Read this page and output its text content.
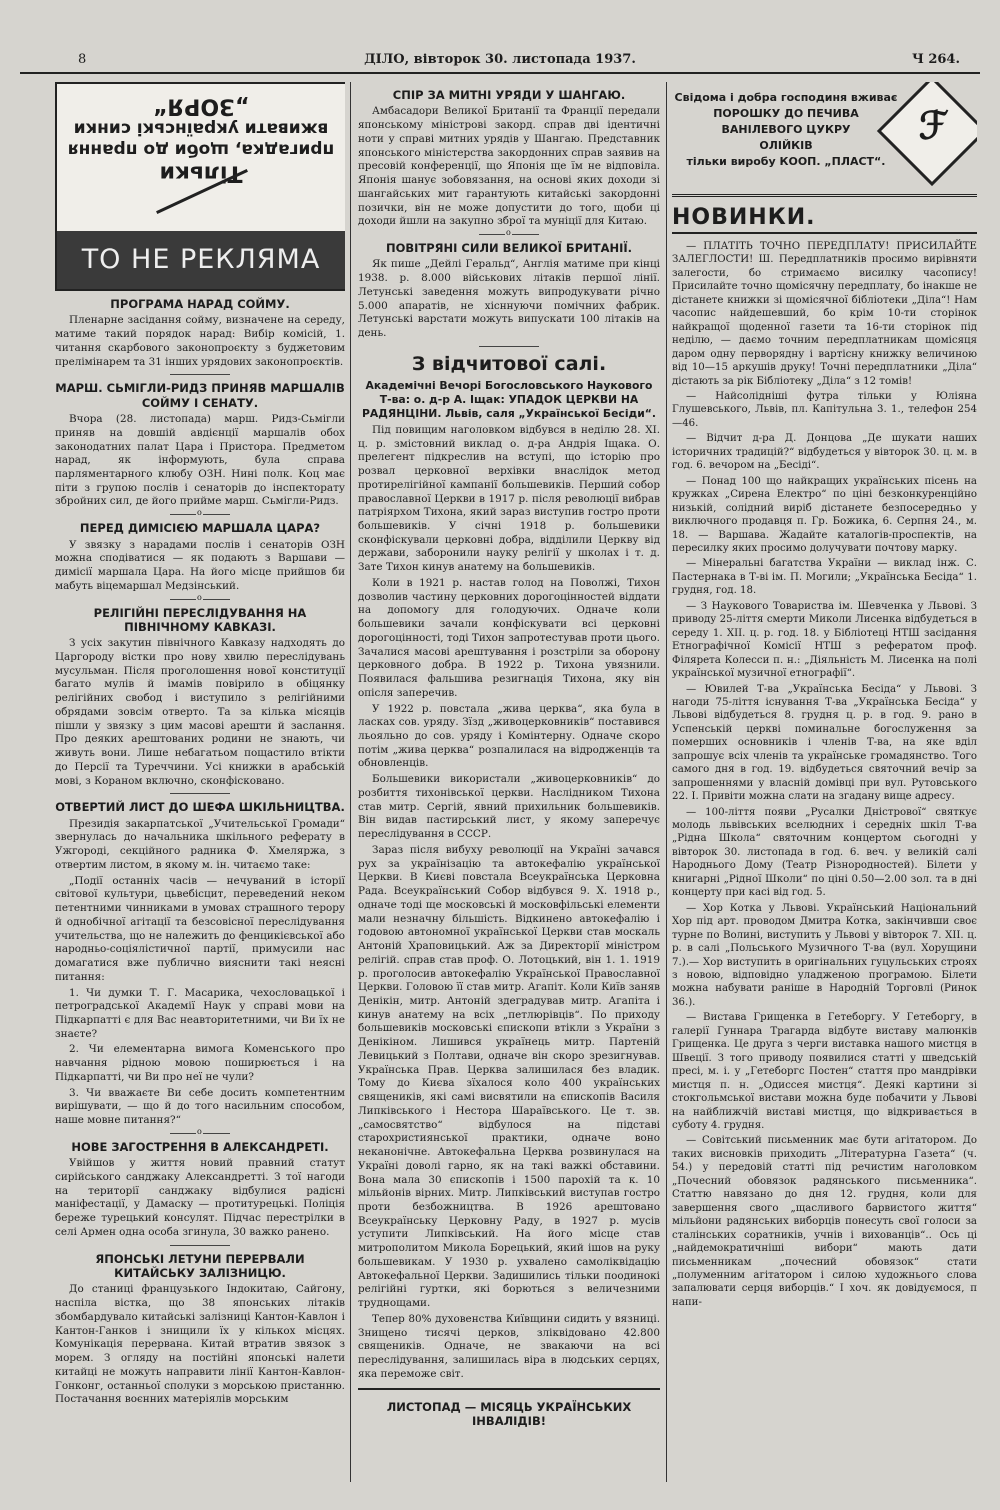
8	ДІЛО, вівторок 30. листопада 1937.	Ч 264.
Тільки
пригадка, щоби до прання
вживати українські синки
„ЗОРЯ“
ТО НЕ РЕКЛЯМА
ПРОГРАМА НАРАД СОЙМУ.

Пленарне засідання сойму, визначене на середу, матиме такий порядок нарад: Вибір комісій, 1. читання скарбового законопроєкту з буджетовим прелімінарем та 31 інших урядових законопроєктів.

МАРШ. СЬМІГЛИ-РИДЗ ПРИНЯВ МАРШАЛІВ СОЙМУ І СЕНАТУ.

Вчора (28. листопада) марш. Ридз-Сьмігли приняв на довшій авдієнції маршалів обох законодатних палат Цара і Пристора. Предметом нарад, як інформують, була справа парляментарного клюбу ОЗН. Нині полк. Коц має піти з групою послів і сенаторів до інспекторату збройних сил, де його приймe марш. Сьмігли-Ридз.

o
ПЕРЕД ДИМІСІЄЮ МАРШАЛА ЦАРА?

У звязку з нарадами послів і сенаторів ОЗН можна сподіватися — як подають з Варшави — димісії маршала Цара. На його місце прийшов би мабуть віцемаршал Медзінський.

o
РЕЛІГІЙНІ ПЕРЕСЛІДУВАННЯ НА ПІВНІЧНОМУ КАВКАЗІ.

З усіх закутин північного Кавказу надходять до Царгороду вістки про нову хвилю переслідувань мусульман. Після проголошення нової конституції багато мулів й імамів повірило в обіцянку релігійних свобод і виступило з релігійними обрядами зовсім отверто. Та за кілька місяців пішли у звязку з цим масові арешти й заслання. Про деяких арештованих родини не знають, чи живуть вони. Лише небагатьом пощастило втікти до Персії та Туреччини. Усі книжки в арабській мові, з Кораном включно, сконфісковано.

ОТВЕРТИЙ ЛИСТ ДО ШЕФА ШКІЛЬНИЦТВА.

Президія закарпатської „Учительської Громади“ звернулась до начальника шкільного реферату в Ужгороді, секційного радника Ф. Хмеляржа, з отвертим листом, в якому м. ін. читаємо таке:

„Події останніх часів — нечуваний в історії світової культури, цьвебісцит, переведений неком петентними чинниками в умовах страшного терору й однобічної агітації та безсовісної переслідування учительства, що не належить до фенцикієвської або народньо-соціялістичної партії, примусили нас домагатися вже публично вияснити такі неясні питання:

1. Чи думки Т. Г. Масарика, чехословацької і петроградської Академії Наук у справі мови на Підкарпатті є для Вас неавторитетними, чи Ви їх не знаєте?

2. Чи елементарна вимога Коменського про навчання рідною мовою поширюється і на Підкарпатті, чи Ви про неї не чули?

3. Чи вважаєте Ви себе досить компетентним вирішувати, — що й до того насильним способом, наше мовне питання?“

o
НОВЕ ЗАГОСТРЕННЯ В АЛЕКСАНДРЕТІ.

Увійшов у життя новий правний статут сирійського санджаку Александретті. З тої нагоди на території санджаку відбулися радісні маніфестації, у Дамаску — протитурецькі. Поліція береже турецький консулят. Підчас перестрілки в селі Армен одна особа згинула, 30 важко ранено.

ЯПОНСЬКІ ЛЕТУНИ ПЕРЕРВАЛИ КИТАЙСЬКУ ЗАЛІЗНИЦЮ.

До станиці французького Індокитаю, Сайгону, наспіла вістка, що 38 японських літаків збомбардувало китайські залізниці Кантон-Кавлон і Кантон-Ганков і знищили їх у кількох місцях. Комунікація перервана. Китай втратив звязок з морем. З огляду на постійні японські налети китайці не можуть направити лінії Кантон-Кавлон-Гонконг, останньої сполуки з морською пристанню. Постачання воєнних матеріялів морським

СПІР ЗА МИТНІ УРЯДИ У ШАНГАЮ.

Амбасадори Великої Британії та Франції передали японському міністрові закорд. справ дві ідентичні ноти у справі митних урядів у Шангаю. Представник японського міністерства закордонних справ заявив на пресовій конференції, що Японія ще їм не відповіла. Японія шанує зобовязання, на основі яких доходи зі шангайських мит гарантують китайські закордонні позички, він не може допустити до того, щоби ці доходи йшли на закупно зброї та муніції для Китаю.

o
ПОВІТРЯНІ СИЛИ ВЕЛИКОЇ БРИТАНІЇ.

Як пише „Дейлі Геральд“, Англія матиме при кінці 1938. р. 8.000 військових літаків першої лінії. Летунські заведення можуть випродукувати річно 5.000 апаратів, не хісннуючи помічних фабрик. Летунські варстати можуть випускати 100 літаків на день.

З відчитової салі.
Академічні Вечорі Богословського Наукового Т-ва: о. д-р А. Іщак: УПАДОК ЦЕРКВИ НА РАДЯНЦІНИ. Львів, саля „Української Бесіди“.

Під повищим наголовком відбувся в неділю 28. XI. ц. р. змістовний виклад о. д-ра Андрія Іщака. О. прелегент підкреслив на вступі, що історію про розвал церковної верхівки внаслідок метод протирелігійної кампанії большевиків. Перший собор православної Церкви в 1917 р. після революції вибрав патріярхом Тихона, який зараз виступив гостро проти большевиків. У січні 1918 р. большевики сконфіскували церковні добра, відділили Церкву від держави, заборонили науку релігії у школах і т. д. Зате Тихон кинув анатему на большевиків.

Коли в 1921 р. настав голод на Поволжі, Тихон дозволив частину церковних дорогоцінностей віддати на допомогу для голодуючих. Одначе коли большевики зачали конфіскувати всі церковні дорогоцінності, тоді Тихон запротестував проти цього. Зачалися масові арештування і розстріли за оборону церковного добра. В 1922 р. Тихона увязнили. Появилася фальшива резигнація Тихона, яку він опісля заперечив.

У 1922 р. повстала „жива церква“, яка була в ласках сов. уряду. Зїзд „живоцерковників“ поставився льояльно до сов. уряду і Комінтерну. Одначе скоро потім „жива церква“ розпалилася на відродженців та обновленців.

Большевики використали „живоцерковників“ до розбиття тихонівської церкви. Наслідником Тихона став митр. Сергій, явний прихильник большевиків. Він видав пастирський лист, у якому заперечує переслідування в СССР.

Зараз після вибуху революції на Україні зачався рух за українізацію та автокефалію української Церкви. В Києві повстала Всеукраїнська Церковна Рада. Всеукраїнський Собор відбувся 9. X. 1918 р., одначе тоді ще московські й московфільські елементи мали незначну більшість. Відкинено автокефалію і годовою автономної української Церкви став москаль Антоній Храповицький. Аж за Директорії міністром релігій. справ став проф. О. Лотоцький, він 1. 1. 1919 р. проголосив автокефалію Української Православної Церкви. Головою її став митр. Агапіт. Коли Київ заняв Денікін, митр. Антоній здеградував митр. Агапіта і кинув анатему на всіх „петлюрівців“. По приходу большевиків московські єпископи втікли з України з Денікіном. Лишився українець митр. Партеній Левицький з Полтави, одначе він скоро зрезигнував. Українська Прав. Церква залишилася без владик. Тому до Києва зїхалося коло 400 українських священиків, які самі висвятили на єпископів Василя Липківського і Нестора Шараївського. Це т. зв. „самосвятство“ відбулося на підставі старохристиянської практики, одначе воно неканонічне. Автокефальна Церква розвинулася на Україні доволі гарно, як на такі важкі обставини. Вона мала 30 єпископів і 1500 парохій та к. 10 мільйонів вірних. Митр. Липківський виступав гостро проти безбожництва. В 1926 арештовано Всеукраїнську Церковну Раду, в 1927 р. мусів уступити Липківський. На його місце став митрополитом Микола Борецький, який ішов на руку большевикам. У 1930 р. ухвалено самоліквідацію Автокефальної Церкви. Задишились тільки поодинокі релігійні гуртки, які борються з величезними труднощами.

Тепер 80% духовенства Київщини сидить у вязниці. Знищено тисячі церков, зліквідовано 42.800 священиків. Одначе, не звакаючи на всі переслідування, залишилась віра в людських серцях, яка переможе світ.

ЛИСТОПАД — МІСЯЦЬ УКРАЇНСЬКИХ ІНВАЛІДІВ!
Свідома і добра господиня вживає
ПОРОШКУ ДО ПЕЧИВА
ВАНІЛЕВОГО ЦУКРУ
ОЛІЙКІВ
тільки виробу КООП. „ПЛАСТ“.
ℱ
НОВИНКИ.

— ПЛАТІТЬ ТОЧНО ПЕРЕДПЛАТУ! ПРИСИЛАЙТЕ ЗАЛЕГЛОСТИ! Ш. Передплатників просимо вирівняти залегости, бо стримаємо висилку часопису! Присилайте точно щомісячну передплату, бо інакше не дістанете книжки зі щомісячної бібліотеки „Діла“! Нам часопис найдешевший, бо крім 10-ти сторінок найкращої щоденної газети та 16-ти сторінок під неділю, — даємо точним передплатникам щомісяця даром одну перворядну і вартісну книжку величиною від 10—15 аркушів друку! Точні передплатники „Діла“ дістають за рік Бібліотеку „Діла“ з 12 томів!

— Найсолідніші футра тільки у Юліяна Глушевського, Львів, пл. Капітульна 3. 1., телефон 254—46.

— Відчит д-ра Д. Донцова „Де шукати наших історичних традицій?“ відбудеться у вівторок 30. ц. м. в год. 6. вечором на „Бесіді“.

— Понад 100 що найкращих українських пісень на кружках „Сирена Електро“ по ціні безконкуренційно низькій, солідний виріб дістанете безпосередньо у виключного продавця п. Гр. Божика, 6. Серпня 24., м. 18. — Варшава. Жадайте каталогів-проспектів, на пересилку яких просимо долучувати почтову марку.

— Мінеральні багатства України — виклад інж. С. Пастернака в Т-ві ім. П. Могили; „Українська Бесіда“ 1. грудня, год. 18.

— З Наукового Товариства ім. Шевченка у Львові. З приводу 25-ліття смерти Миколи Лисенка відбудеться в середу 1. XII. ц. р. год. 18. у Бібліотеці НТШ засідання Етнографічної Комісії НТШ з рефератом проф. Філярета Колесси п. н.: „Діяльність М. Лисенка на полі української музичної етнографії“.

— Ювилей Т-ва „Українська Бесіда“ у Львові. З нагоди 75-ліття існування Т-ва „Українська Бесіда“ у Львові відбудеться 8. грудня ц. р. в год. 9. рано в Успенській церкві поминальне богослуження за померших основників і членів Т-ва, на яке вділ запрошує всіх членів та українське громадянство. Того самого дня в год. 19. відбудеться святочний вечір за запрошеннями у власній домівці при вул. Рутовського 22. І. Привіти можна слати на згадану вище адресу.

— 100-ліття появи „Русалки Дністрової“ святкує молодь львівських вселюдних і середніх шкіл Т-ва „Рідна Школа“ святочним концертом сьогодні у вівторок 30. листопада в год. 6. веч. у великій салі Народнього Дому (Театр Різнородностей). Білети у книгарні „Рідної Школи“ по ціні 0.50—2.00 зол. та в дні концерту при касі від год. 5.

— Хор Котка у Львові. Український Національний Хор під арт. проводом Дмитра Котка, закінчивши своє турне по Волині, виступить у Львові у вівторок 7. XII. ц. р. в салі „Польського Музичного Т-ва (вул. Хорущини 7.).— Хор виступить в оригінальних гуцульських строях з новою, відповідно уладженою програмою. Білети можна набувати раніше в Народній Торговлі (Ринок 36.).

— Вистава Грищенка в Гетеборгу. У Гетеборгу, в галерії Гуннара Трагарда відбуте виставу малюнків Грищенка. Це друга з черги виставка нашого мистця в Швеції. З того приводу появилися статті у шведській пресі, м. і. у „Гетеборгс Постен“ стаття про мандрівки мистця п. н. „Одиссея мистця“. Деякі картини зі стокгольмської вистави можна буде побачити у Львові на найближчій виставі мистця, що відкривається в суботу 4. грудня.

— Совітський письменник має бути агітатором. До таких висновків приходить „Літературна Газета“ (ч. 54.) у передовій статті під речистим наголовком „Почесний обовязок радянського письменника“. Статтю навязано до дня 12. грудня, коли для завершення свого „щасливого барвистого життя“ мільйони радянських виборців понесуть свої голоси за сталінських соратників, учнів і вихованців“.. Ось ці „найдемократичніші вибори“ мають дати письменникам „почесний обовязок“ стати „полуменним агітатором і силою художнього слова запалювати серця виборців.“ І хоч. як довідуємося, п напи-
